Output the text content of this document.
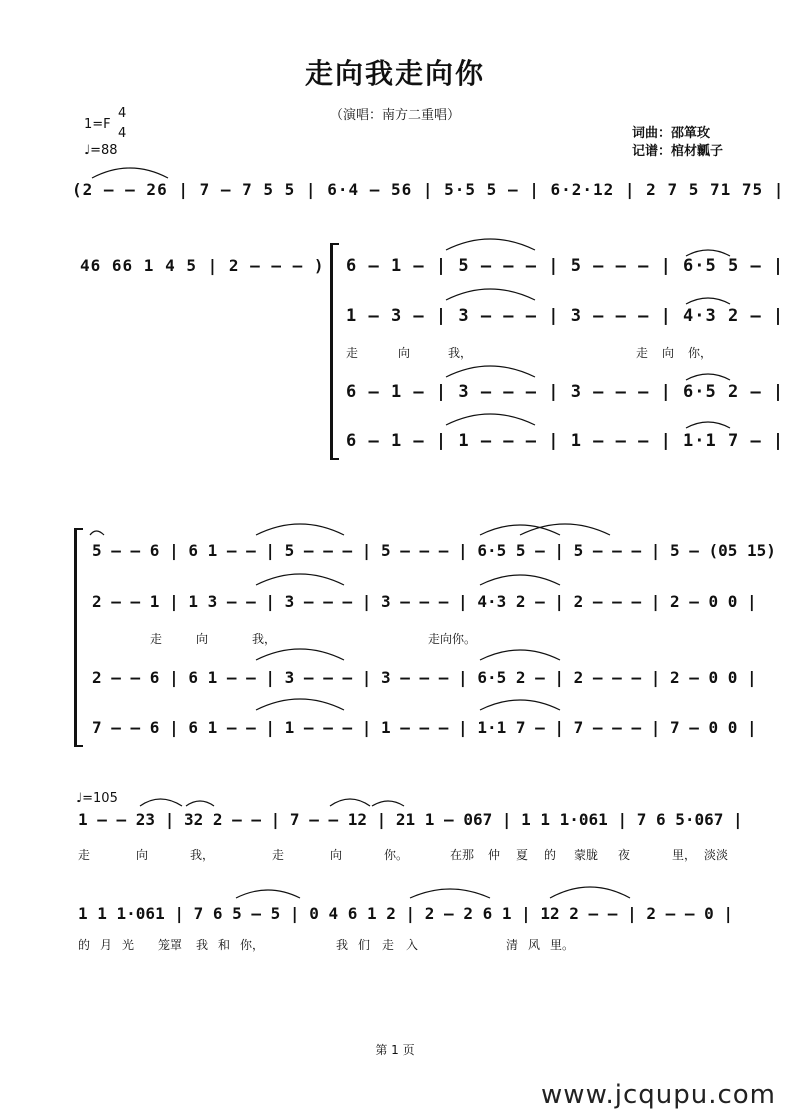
走向我走向你
（演唱：南方二重唱）
1=F
4
4
♩=88
词曲：邵箪玫
记谱：棺材瓤子
(2 — — 26 | 7 — 7 5 5 | 6·4 — 56 | 5·5 5 — | 6·2·12 | 2 7 5 71 75 |
46 66 1 4 5 | 2 — — — ) 6 — 1 — | 5 — — — | 5 — — — | 6·5 5 — |
1 — 3 — | 3 — — — | 3 — — — | 4·3 2 — |
走	向	我，	走 向 你，
6 — 1 — | 3 — — — | 3 — — — | 6·5 2 — |
6 — 1 — | 1 — — — | 1 — — — | 1·1 7 — |
5 — — 6 | 6 1 — — | 5 — — — | 5 — — — | 6·5 5 — | 5 — — — | 5 — (05 15)
2 — — 1 | 1 3 — — | 3 — — — | 3 — — — | 4·3 2 — | 2 — — — | 2 — 0 0 |
走	向	我，	走向你。
2 — — 6 | 6 1 — — | 3 — — — | 3 — — — | 6·5 2 — | 2 — — — | 2 — 0 0 |
7 — — 6 | 6 1 — — | 1 — — — | 1 — — — | 1·1 7 — | 7 — — — | 7 — 0 0 |
♩=105
1 — — 23 | 32 2 — — | 7 — — 12 | 21 1 — 067 | 1 1 1·061 | 7 6 5·067 |
走	向	我，	走	向	你。	在那 仲 夏 的 蒙胧 夜	里， 淡淡
1 1 1·061 | 7 6 5 — 5 | 0 4 6 1 2 | 2 — 2 6 1 | 12 2 — — | 2 — — 0 |
的 月 光 笼罩 我 和 你，	我 们 走 入	清 风 里。
第 1 页
www.jcqupu.com
